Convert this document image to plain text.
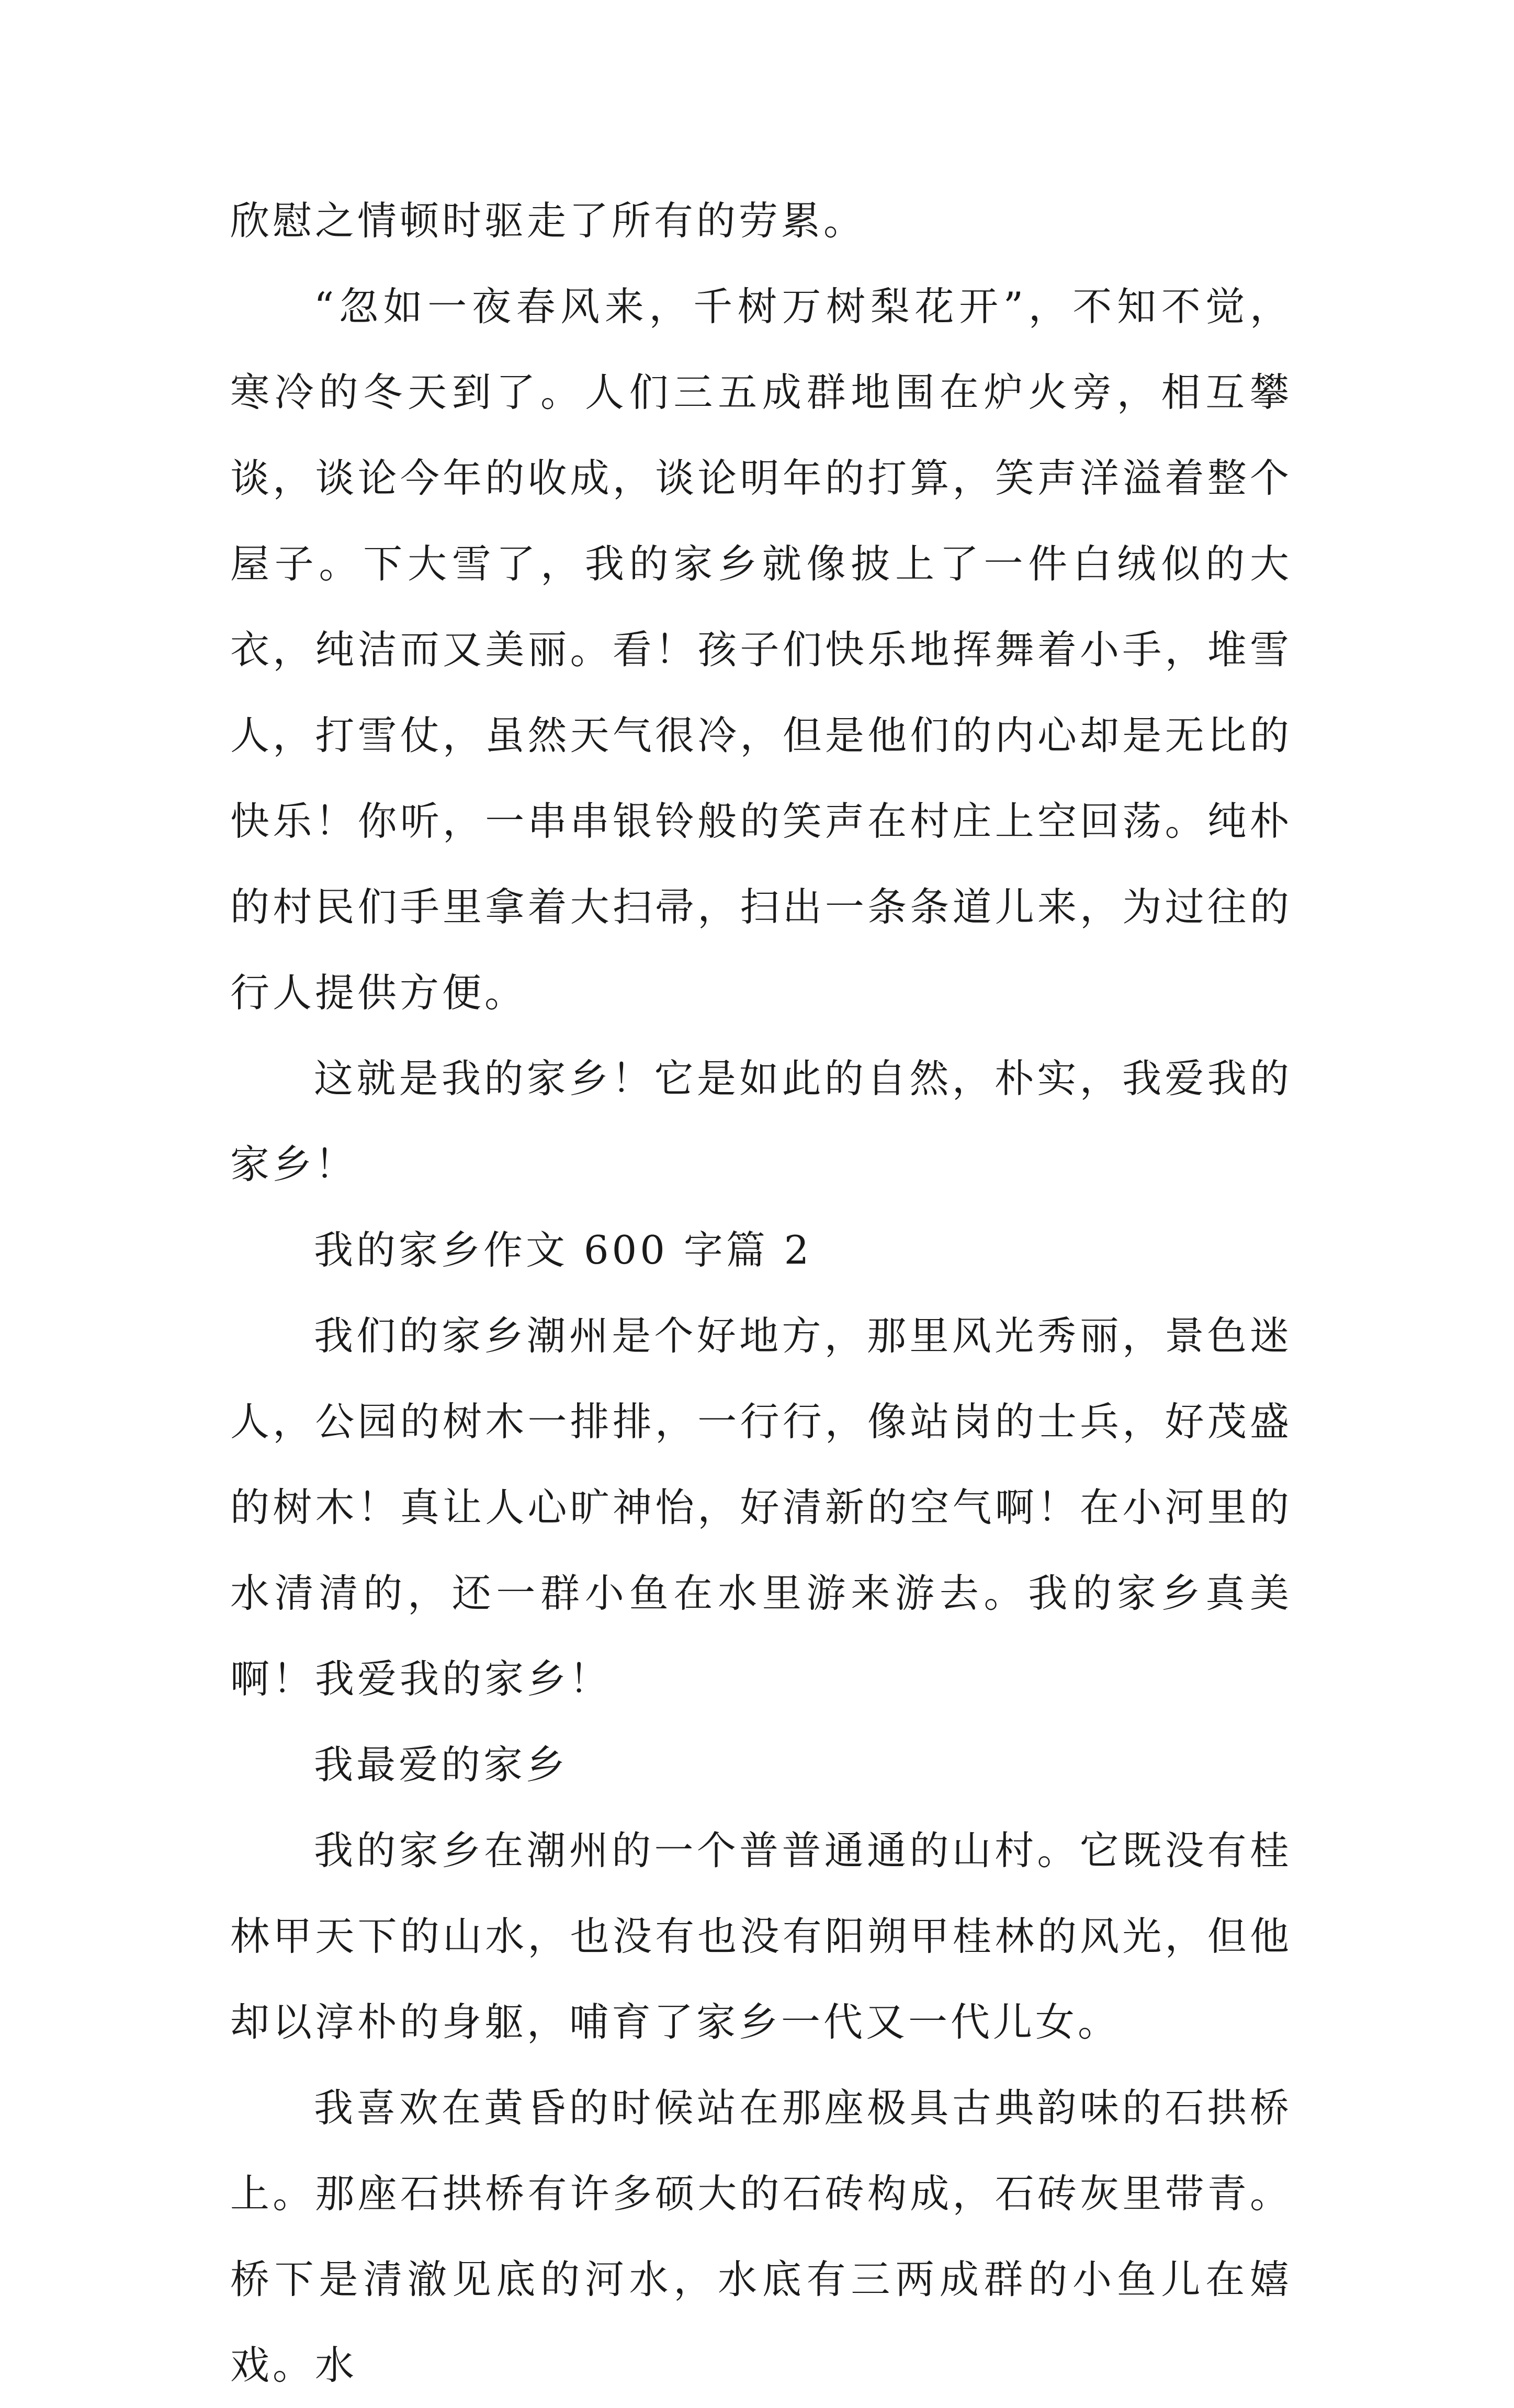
欣慰之情顿时驱走了所有的劳累。

“忽如一夜春风来，千树万树梨花开”，不知不觉，寒冷的冬天到了。人们三五成群地围在炉火旁，相互攀谈，谈论今年的收成，谈论明年的打算，笑声洋溢着整个屋子。下大雪了，我的家乡就像披上了一件白绒似的大衣，纯洁而又美丽。看！孩子们快乐地挥舞着小手，堆雪人，打雪仗，虽然天气很冷，但是他们的内心却是无比的快乐！你听，一串串银铃般的笑声在村庄上空回荡。纯朴的村民们手里拿着大扫帚，扫出一条条道儿来，为过往的行人提供方便。

这就是我的家乡！它是如此的自然，朴实，我爱我的家乡！

我的家乡作文 600 字篇 2

我们的家乡潮州是个好地方，那里风光秀丽，景色迷人，公园的树木一排排，一行行，像站岗的士兵，好茂盛的树木！真让人心旷神怡，好清新的空气啊！在小河里的水清清的，还一群小鱼在水里游来游去。我的家乡真美啊！我爱我的家乡！

我最爱的家乡

我的家乡在潮州的一个普普通通的山村。它既没有桂林甲天下的山水，也没有也没有阳朔甲桂林的风光，但他却以淳朴的身躯，哺育了家乡一代又一代儿女。

我喜欢在黄昏的时候站在那座极具古典韵味的石拱桥上。那座石拱桥有许多硕大的石砖构成，石砖灰里带青。桥下是清澈见底的河水，水底有三两成群的小鱼儿在嬉戏。水
